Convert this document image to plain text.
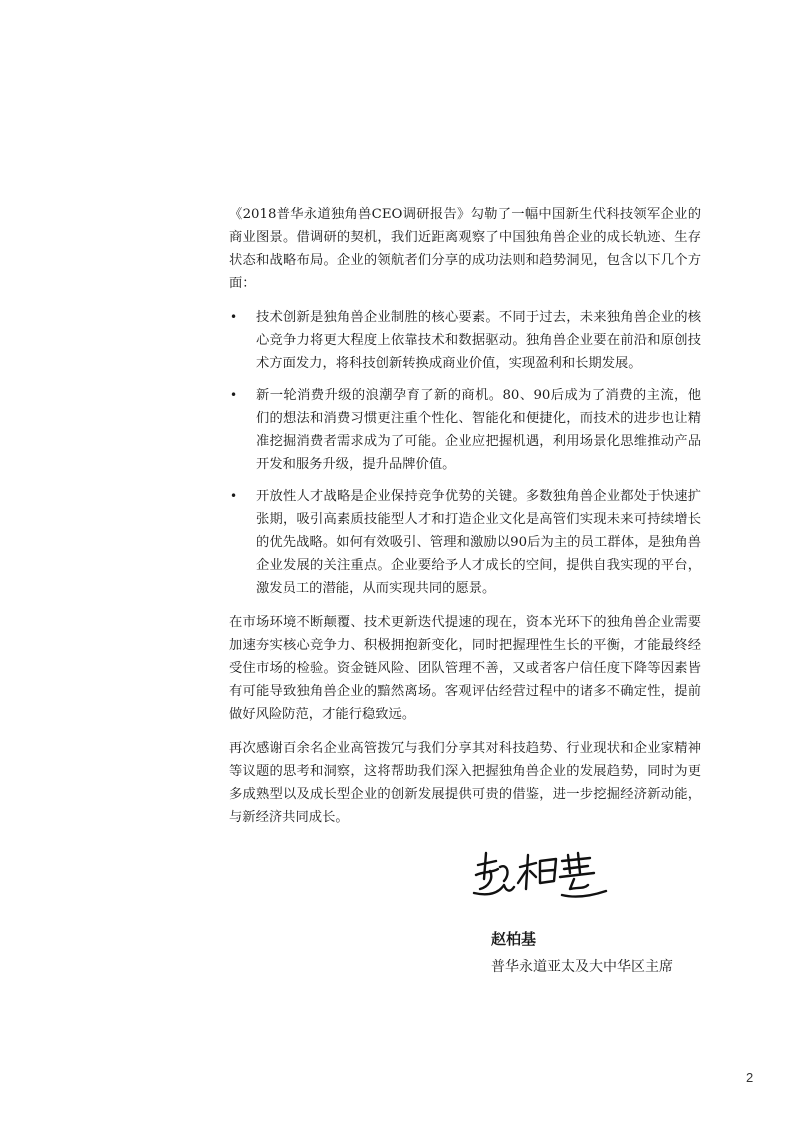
《2018普华永道独角兽CEO调研报告》勾勒了一幅中国新生代科技领军企业的商业图景。借调研的契机，我们近距离观察了中国独角兽企业的成长轨迹、生存状态和战略布局。企业的领航者们分享的成功法则和趋势洞见，包含以下几个方面：

• 技术创新是独角兽企业制胜的核心要素。不同于过去，未来独角兽企业的核心竞争力将更大程度上依靠技术和数据驱动。独角兽企业要在前沿和原创技术方面发力，将科技创新转换成商业价值，实现盈利和长期发展。
• 新一轮消费升级的浪潮孕育了新的商机。80、90后成为了消费的主流，他们的想法和消费习惯更注重个性化、智能化和便捷化，而技术的进步也让精准挖掘消费者需求成为了可能。企业应把握机遇，利用场景化思维推动产品开发和服务升级，提升品牌价值。
• 开放性人才战略是企业保持竞争优势的关键。多数独角兽企业都处于快速扩张期，吸引高素质技能型人才和打造企业文化是高管们实现未来可持续增长的优先战略。如何有效吸引、管理和激励以90后为主的员工群体，是独角兽企业发展的关注重点。企业要给予人才成长的空间，提供自我实现的平台，激发员工的潜能，从而实现共同的愿景。

在市场环境不断颠覆、技术更新迭代提速的现在，资本光环下的独角兽企业需要加速夯实核心竞争力、积极拥抱新变化，同时把握理性生长的平衡，才能最终经受住市场的检验。资金链风险、团队管理不善，又或者客户信任度下降等因素皆有可能导致独角兽企业的黯然离场。客观评估经营过程中的诸多不确定性，提前做好风险防范，才能行稳致远。

再次感谢百余名企业高管拨冗与我们分享其对科技趋势、行业现状和企业家精神等议题的思考和洞察，这将帮助我们深入把握独角兽企业的发展趋势，同时为更多成熟型以及成长型企业的创新发展提供可贵的借鉴，进一步挖掘经济新动能，与新经济共同成长。

赵柏基

普华永道亚太及大中华区主席

2
